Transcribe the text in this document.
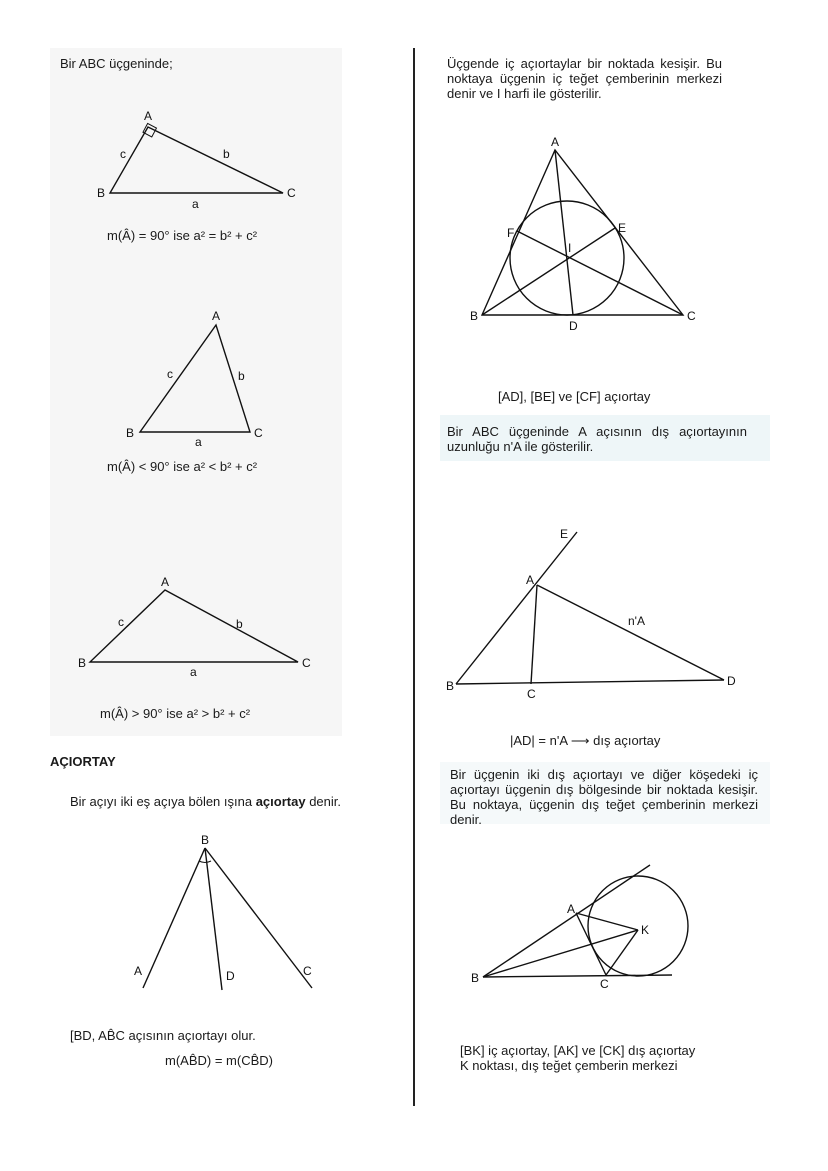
Bir ABC üçgeninde;
m(Â) = 90° ise a² = b² + c²
m(Â) < 90° ise a² < b² + c²
m(Â) > 90° ise a² > b² + c²
AÇIORTAY
Bir açıyı iki eş açıya bölen ışına açıortay denir.
[BD, AB̂C açısının açıortayı olur.
m(AB̂D) = m(CB̂D)
Üçgende iç açıortaylar bir noktada kesişir. Bu noktaya üçgenin iç teğet çemberinin merkezi denir ve I harfi ile gösterilir.
[AD], [BE] ve [CF] açıortay
Bir ABC üçgeninde A açısının dış açıortayının uzunluğu n'A ile gösterilir.
|AD| = n'A ⟶ dış açıortay
Bir üçgenin iki dış açıortayı ve diğer köşedeki iç açıortayı üçgenin dış bölgesinde bir noktada kesişir. Bu noktaya, üçgenin dış teğet çemberinin merkezi denir.
[BK] iç açıortay, [AK] ve [CK] dış açıortay
K noktası, dış teğet çemberin merkezi
A
B	C
a
b
c
A
B	C
a
b
c
A
B	C
a
b
c
B
A	D	C
A
B	C
D
E
F
I
E
A
B
C
D
n'A
A
B	C
K
